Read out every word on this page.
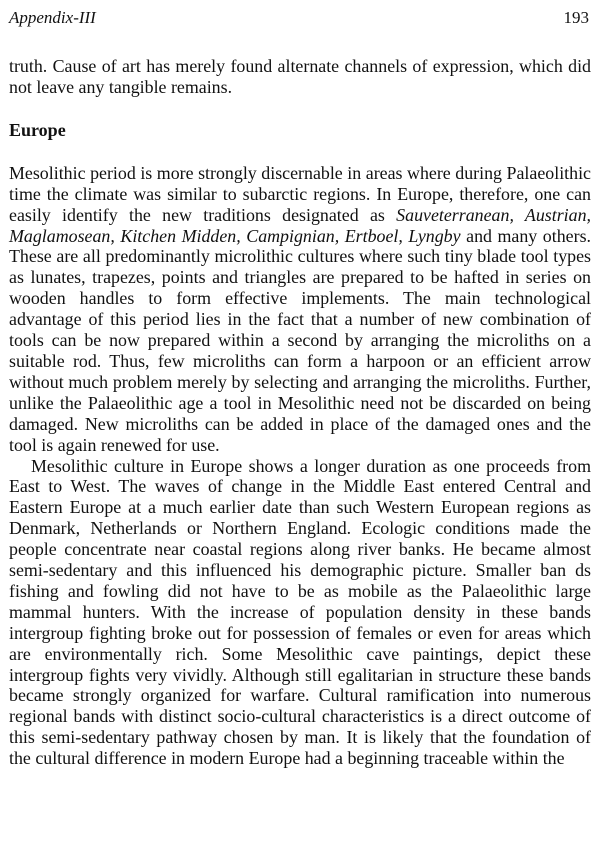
Appendix-III	193

truth. Cause of art has merely found alternate channels of expression, which did not leave any tangible remains.

Europe

Mesolithic period is more strongly discernable in areas where during Palaeolithic time the climate was similar to subarctic regions. In Europe, therefore, one can easily identify the new traditions designated as Sauveterranean, Austrian, Maglamosean, Kitchen Midden, Campignian, Ertboel, Lyngby and many others. These are all predominantly microlithic cultures where such tiny blade tool types as lunates, trapezes, points and triangles are prepared to be hafted in series on wooden handles to form effective implements. The main technological advantage of this period lies in the fact that a number of new combination of tools can be now prepared within a second by arranging the microliths on a suitable rod. Thus, few microliths can form a harpoon or an efficient arrow without much problem merely by selecting and arranging the microliths. Further, unlike the Palaeolithic age a tool in Mesolithic need not be discarded on being damaged. New microliths can be added in place of the damaged ones and the tool is again renewed for use.

Mesolithic culture in Europe shows a longer duration as one proceeds from East to West. The waves of change in the Middle East entered Central and Eastern Europe at a much earlier date than such Western European regions as Denmark, Netherlands or Northern England. Ecologic conditions made the people concentrate near coastal regions along river banks. He became almost semi-sedentary and this influenced his demographic picture. Smaller ban ds fishing and fowling did not have to be as mobile as the Palaeolithic large mammal hunters. With the increase of population density in these bands intergroup fighting broke out for possession of females or even for areas which are environmentally rich. Some Mesolithic cave paintings, depict these intergroup fights very vividly. Although still egalitarian in structure these bands became strongly organized for warfare. Cultural ramification into numerous regional bands with distinct socio-cultural characteristics is a direct outcome of this semi-sedentary pathway chosen by man. It is likely that the foundation of the cultural difference in modern Europe had a beginning traceable within the
